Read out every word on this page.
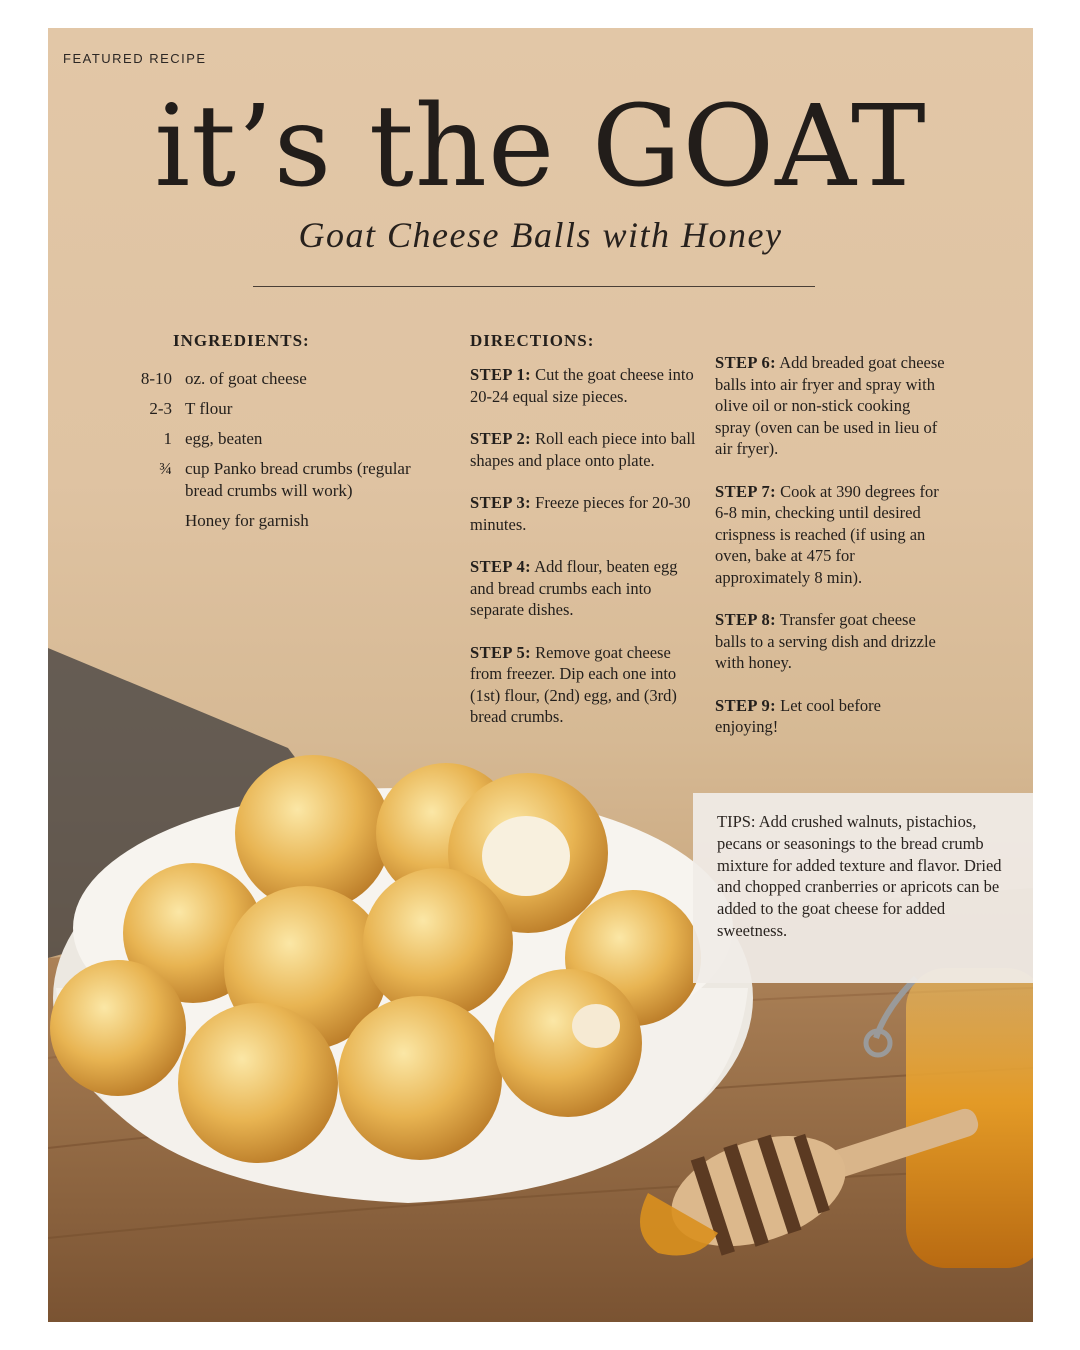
FEATURED RECIPE
it’s the GOAT
Goat Cheese Balls with Honey
INGREDIENTS:
8-10 oz. of goat cheese
2-3 T flour
1 egg, beaten
¾ cup Panko bread crumbs (regular bread crumbs will work)
Honey for garnish
DIRECTIONS:
STEP 1: Cut the goat cheese into 20-24 equal size pieces.
STEP 2: Roll each piece into ball shapes and place onto plate.
STEP 3: Freeze pieces for 20-30 minutes.
STEP 4: Add flour, beaten egg and bread crumbs each into separate dishes.
STEP 5: Remove goat cheese from freezer. Dip each one into (1st) flour, (2nd) egg, and (3rd) bread crumbs.
STEP 6: Add breaded goat cheese balls into air fryer and spray with olive oil or non-stick cooking spray (oven can be used in lieu of air fryer).
STEP 7: Cook at 390 degrees for 6-8 min, checking until desired crispness is reached (if using an oven, bake at 475 for approximately 8 min).
STEP 8: Transfer goat cheese balls to a serving dish and drizzle with honey.
STEP 9: Let cool before enjoying!

TIPS: Add crushed walnuts, pistachios, pecans or seasonings to the bread crumb mixture for added texture and flavor. Dried and chopped cranberries or apricots can be added to the goat cheese for added sweetness.
